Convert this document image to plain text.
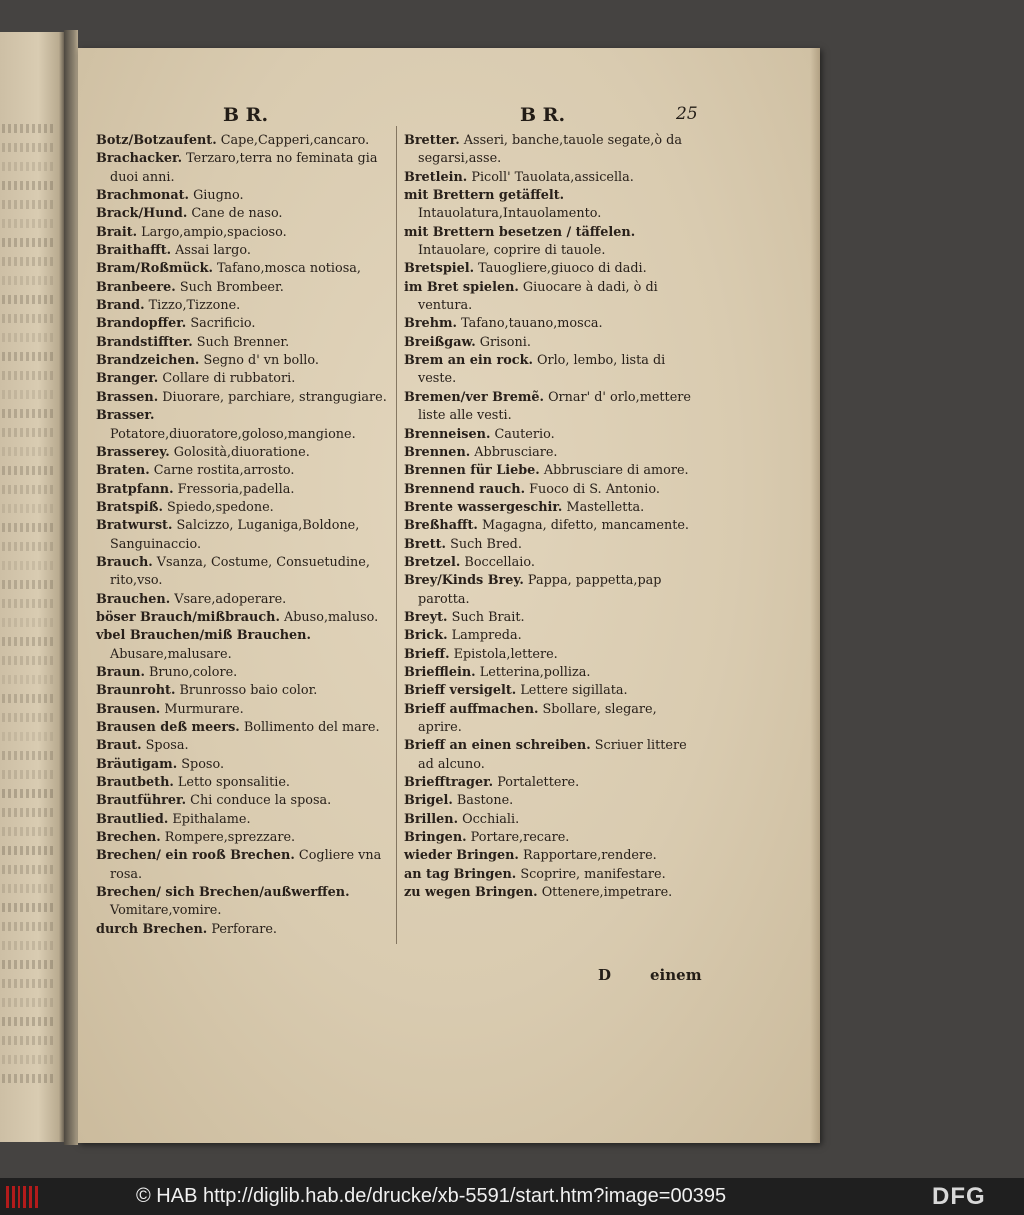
B R.	B R.	25

Botz/Botzaufent. Cape,Capperi,cancaro.

Brachacker. Terzaro,terra no feminata gia duoi anni.

Brachmonat. Giugno.

Brack/Hund. Cane de naso.

Brait. Largo,ampio,spacioso.

Braithafft. Assai largo.

Bram/Roßmück. Tafano,mosca notiosa,

Branbeere. Such Brombeer.

Brand. Tizzo,Tizzone.

Brandopffer. Sacrificio.

Brandstiffter. Such Brenner.

Brandzeichen. Segno d' vn bollo.

Branger. Collare di rubbatori.

Brassen. Diuorare, parchiare, strangugiare.

Brasser. Potatore,diuoratore,goloso,mangione.

Brasserey. Golosità,diuoratione.

Braten. Carne rostita,arrosto.

Bratpfann. Fressoria,padella.

Bratspiß. Spiedo,spedone.

Bratwurst. Salcizzo, Luganiga,Boldone, Sanguinaccio.

Brauch. Vsanza, Costume, Consuetudine, rito,vso.

Brauchen. Vsare,adoperare.

böser Brauch/mißbrauch. Abuso,maluso.

vbel Brauchen/miß Brauchen. Abusare,malusare.

Braun. Bruno,colore.

Braunroht. Brunrosso baio color.

Brausen. Murmurare.

Brausen deß meers. Bollimento del mare.

Braut. Sposa.

Bräutigam. Sposo.

Brautbeth. Letto sponsalitie.

Brautführer. Chi conduce la sposa.

Brautlied. Epithalame.

Brechen. Rompere,sprezzare.

Brechen/ ein rooß Brechen. Cogliere vna rosa.

Brechen/ sich Brechen/außwerffen. Vomitare,vomire.

durch Brechen. Perforare.

Bretter. Asseri, banche,tauole segate,ò da segarsi,asse.

Bretlein. Picoll' Tauolata,assicella.

mit Brettern getäffelt. Intauolatura,Intauolamento.

mit Brettern besetzen / täffelen. Intauolare, coprire di tauole.

Bretspiel. Tauogliere,giuoco di dadi.

im Bret spielen. Giuocare à dadi, ò di ventura.

Brehm. Tafano,tauano,mosca.

Breißgaw. Grisoni.

Brem an ein rock. Orlo, lembo, lista di veste.

Bremen/ver Bremẽ. Ornar' d' orlo,mettere liste alle vesti.

Brenneisen. Cauterio.

Brennen. Abbrusciare.

Brennen für Liebe. Abbrusciare di amore.

Brennend rauch. Fuoco di S. Antonio.

Brente wassergeschir. Mastelletta.

Breßhafft. Magagna, difetto, mancamente.

Brett. Such Bred.

Bretzel. Boccellaio.

Brey/Kinds Brey. Pappa, pappetta,pap parotta.

Breyt. Such Brait.

Brick. Lampreda.

Brieff. Epistola,lettere.

Briefflein. Letterina,polliza.

Brieff versigelt. Lettere sigillata.

Brieff auffmachen. Sbollare, slegare, aprire.

Brieff an einen schreiben. Scriuer littere ad alcuno.

Briefftrager. Portalettere.

Brigel. Bastone.

Brillen. Occhiali.

Bringen. Portare,recare.

wieder Bringen. Rapportare,rendere.

an tag Bringen. Scoprire, manifestare.

zu wegen Bringen. Ottenere,impetrare.

D	einem
© HAB http://diglib.hab.de/drucke/xb-5591/start.htm?image=00395	DFG
